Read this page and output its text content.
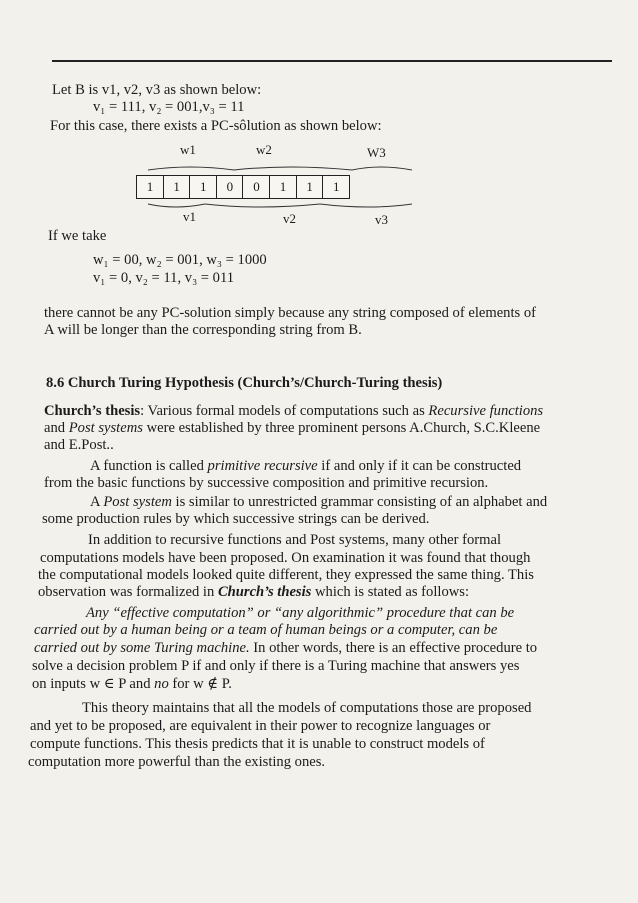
Let B is v1, v2, v3 as shown below:
v₁ = 111, v₂ = 001,v₃ = 11
For this case, there exists a PC-sôlution as shown below:
w1	w2	W3
1	1	1	0	0	1	1	1
v1	v2	v3
If we take
w₁ = 00, w₂ = 001, w₃ = 1000
v₁ = 0, v₂ = 11, v₃ = 011
there cannot be any PC-solution simply because any string composed of elements of
A will be longer than the corresponding string from B.
8.6 Church Turing Hypothesis (Church’s/Church-Turing thesis)
Church’s thesis: Various formal models of computations such as Recursive functions
and Post systems were established by three prominent persons A.Church, S.C.Kleene
and E.Post..
A function is called primitive recursive if and only if it can be constructed
from the basic functions by successive composition and primitive recursion.
A Post system is similar to unrestricted grammar consisting of an alphabet and
some production rules by which successive strings can be derived.
In addition to recursive functions and Post systems, many other formal
computations models have been proposed. On examination it was found that though
the computational models looked quite different, they expressed the same thing. This
observation was formalized in Church’s thesis which is stated as follows:
Any “effective computation” or “any algorithmic” procedure that can be
carried out by a human being or a team of human beings or a computer, can be
carried out by some Turing machine. In other words, there is an effective procedure to
solve a decision problem P if and only if there is a Turing machine that answers yes
on inputs w ∈ P and no for w ∉ P.
This theory maintains that all the models of computations those are proposed
and yet to be proposed, are equivalent in their power to recognize languages or
compute functions. This thesis predicts that it is unable to construct models of
computation more powerful than the existing ones.
